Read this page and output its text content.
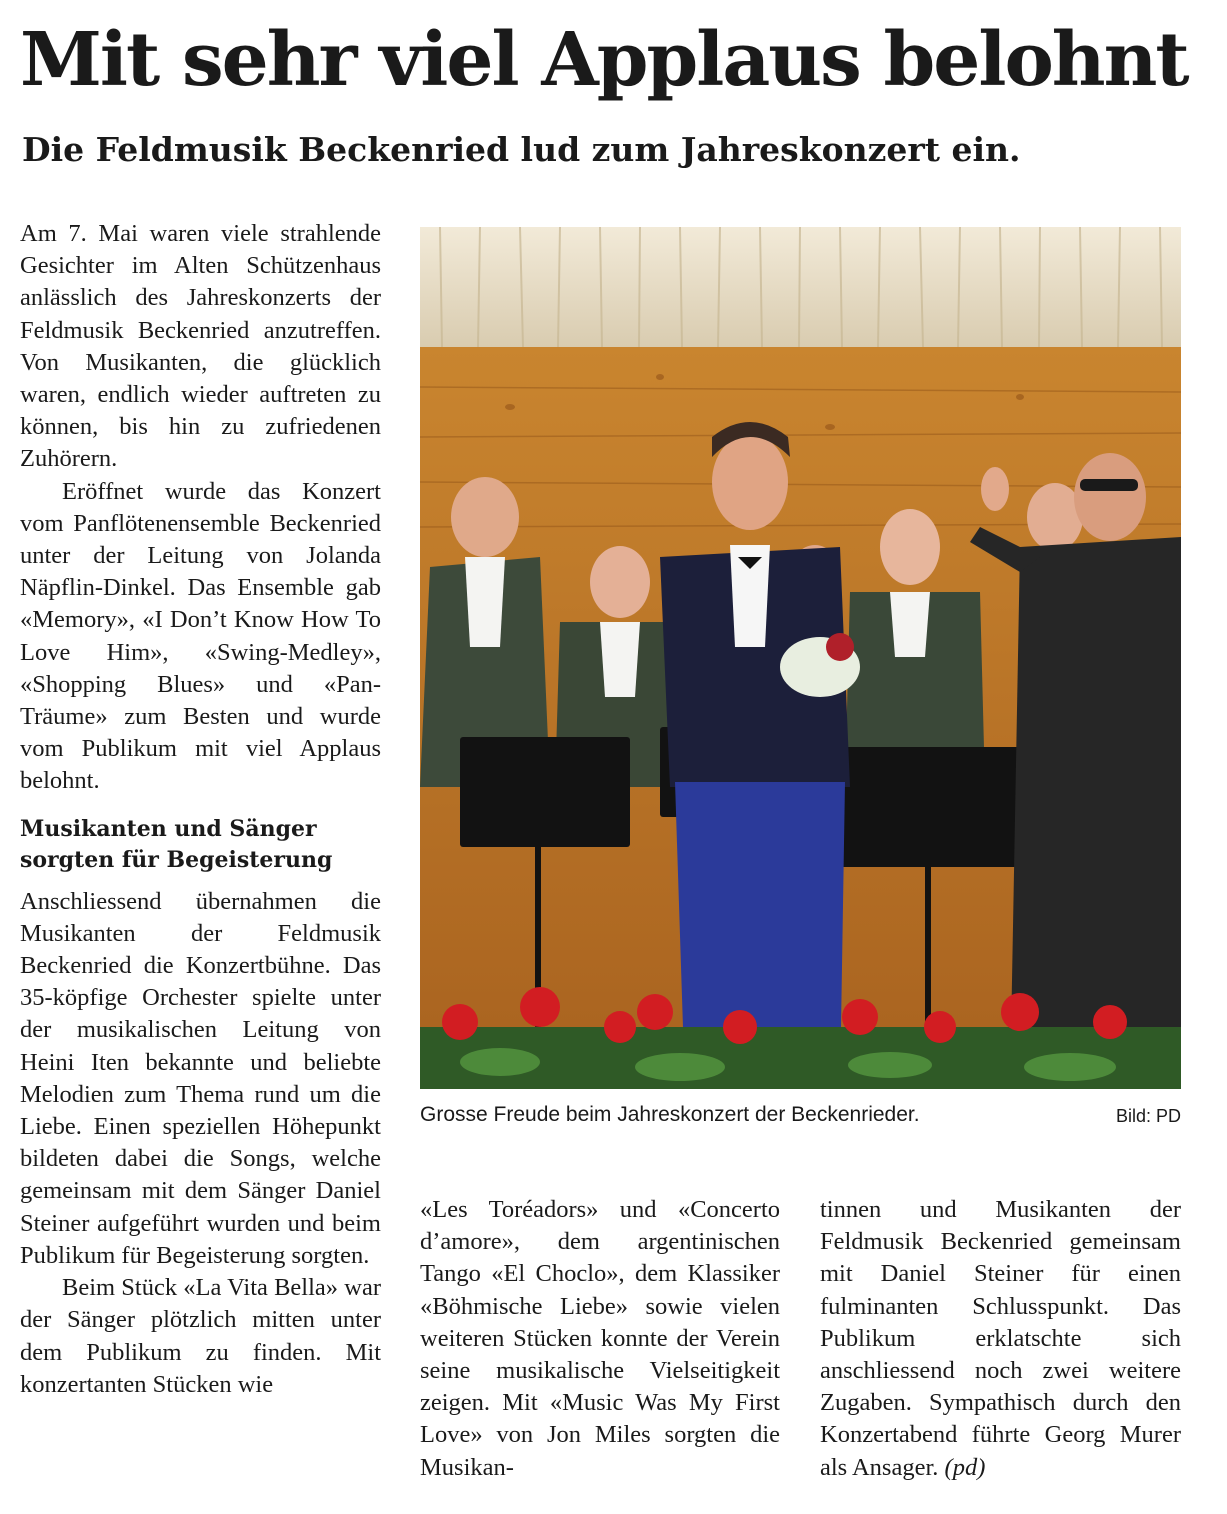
Mit sehr viel Applaus belohnt
Die Feldmusik Beckenried lud zum Jahreskonzert ein.

Am 7. Mai waren viele strahlende Gesichter im Alten Schützenhaus anlässlich des Jahreskonzerts der Feldmusik Beckenried anzutreffen. Von Musikanten, die glücklich waren, endlich wieder auftreten zu können, bis hin zu zufriedenen Zuhörern.

Eröffnet wurde das Konzert vom Panflötenensemble Beckenried unter der Leitung von Jolanda Näpflin-Dinkel. Das Ensemble gab «Memory», «I Don’t Know How To Love Him», «Swing-Medley», «Shopping Blues» und «Pan-Träume» zum Besten und wurde vom Publikum mit viel Applaus belohnt.

Musikanten und Sänger sorgten für Begeisterung

Anschliessend übernahmen die Musikanten der Feldmusik Beckenried die Konzertbühne. Das 35-köpfige Orchester spielte unter der musikalischen Leitung von Heini Iten bekannte und beliebte Melodien zum Thema rund um die Liebe. Einen speziellen Höhepunkt bildeten dabei die Songs, welche gemeinsam mit dem Sänger Daniel Steiner aufgeführt wurden und beim Publikum für Begeisterung sorgten.

Beim Stück «La Vita Bella» war der Sänger plötzlich mitten unter dem Publikum zu finden. Mit konzertanten Stücken wie

Grosse Freude beim Jahreskonzert der Beckenrieder.	Bild: PD

«Les Toréadors» und «Concerto d’amore», dem argentinischen Tango «El Choclo», dem Klassiker «Böhmische Liebe» sowie vielen weiteren Stücken konnte der Verein seine musikalische Vielseitigkeit zeigen. Mit «Music Was My First Love» von Jon Miles sorgten die Musikan-

tinnen und Musikanten der Feldmusik Beckenried gemeinsam mit Daniel Steiner für einen fulminanten Schlusspunkt. Das Publikum erklatschte sich anschliessend noch zwei weitere Zugaben. Sympathisch durch den Konzertabend führte Georg Murer als Ansager. (pd)
